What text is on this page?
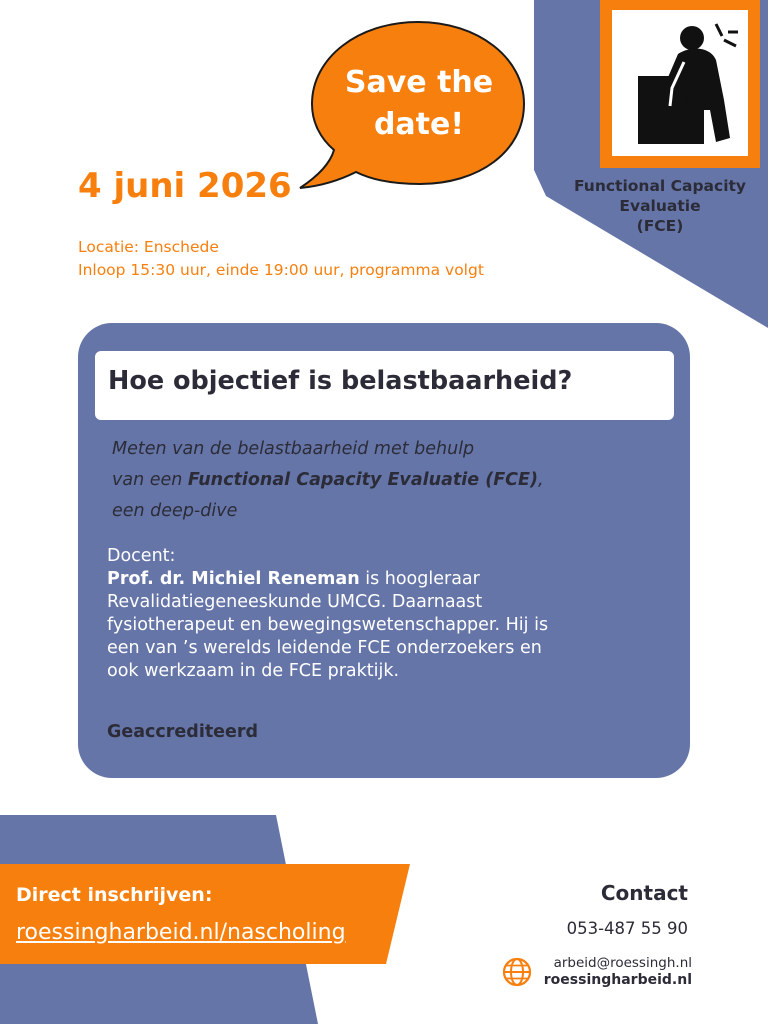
Functional Capacity
Evaluatie
(FCE)
Save the
date!
4 juni 2026
Locatie: Enschede
Inloop 15:30 uur, einde 19:00 uur, programma volgt
Hoe objectief is belastbaarheid?
Meten van de belastbaarheid met behulp
van een Functional Capacity Evaluatie (FCE),
een deep-dive
Docent:
Prof. dr. Michiel Reneman is hoogleraar
Revalidatiegeneeskunde UMCG. Daarnaast
fysiotherapeut en bewegingswetenschapper. Hij is
een van ’s werelds leidende FCE onderzoekers en
ook werkzaam in de FCE praktijk.
Geaccrediteerd
Direct inschrijven:
roessingharbeid.nl/nascholing
Contact
053-487 55 90
arbeid@roessingh.nl
roessingharbeid.nl
